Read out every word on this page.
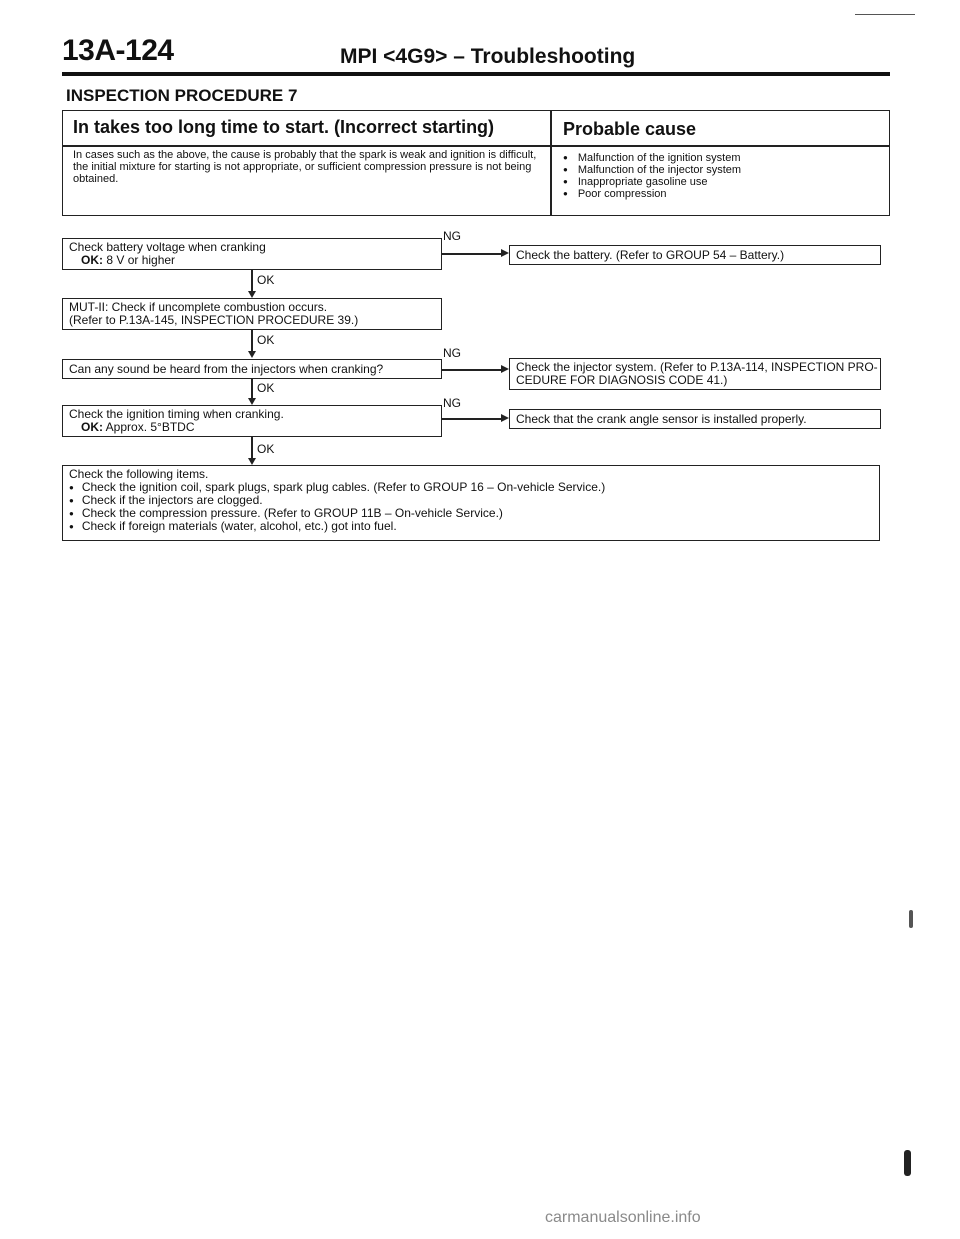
13A-124	MPI <4G9> – Troubleshooting
INSPECTION PROCEDURE 7
In takes too long time to start. (Incorrect starting)	Probable cause
In cases such as the above, the cause is probably that the spark is weak and ignition is difficult, the initial mixture for starting is not appropriate, or sufficient compression pressure is not being obtained.
● Malfunction of the ignition system
● Malfunction of the injector system
● Inappropriate gasoline use
● Poor compression
Check battery voltage when cranking
OK: 8 V or higher
NG
Check the battery. (Refer to GROUP 54 – Battery.)
OK
MUT-II: Check if uncomplete combustion occurs.
(Refer to P.13A-145, INSPECTION PROCEDURE 39.)
OK
Can any sound be heard from the injectors when cranking?
NG
Check the injector system. (Refer to P.13A-114, INSPECTION PRO-
CEDURE FOR DIAGNOSIS CODE 41.)
OK
Check the ignition timing when cranking.
OK: Approx. 5°BTDC
NG
Check that the crank angle sensor is installed properly.
OK
Check the following items.
● Check the ignition coil, spark plugs, spark plug cables. (Refer to GROUP 16 – On-vehicle Service.)
● Check if the injectors are clogged.
● Check the compression pressure. (Refer to GROUP 11B – On-vehicle Service.)
● Check if foreign materials (water, alcohol, etc.) got into fuel.
carmanualsonline.info
